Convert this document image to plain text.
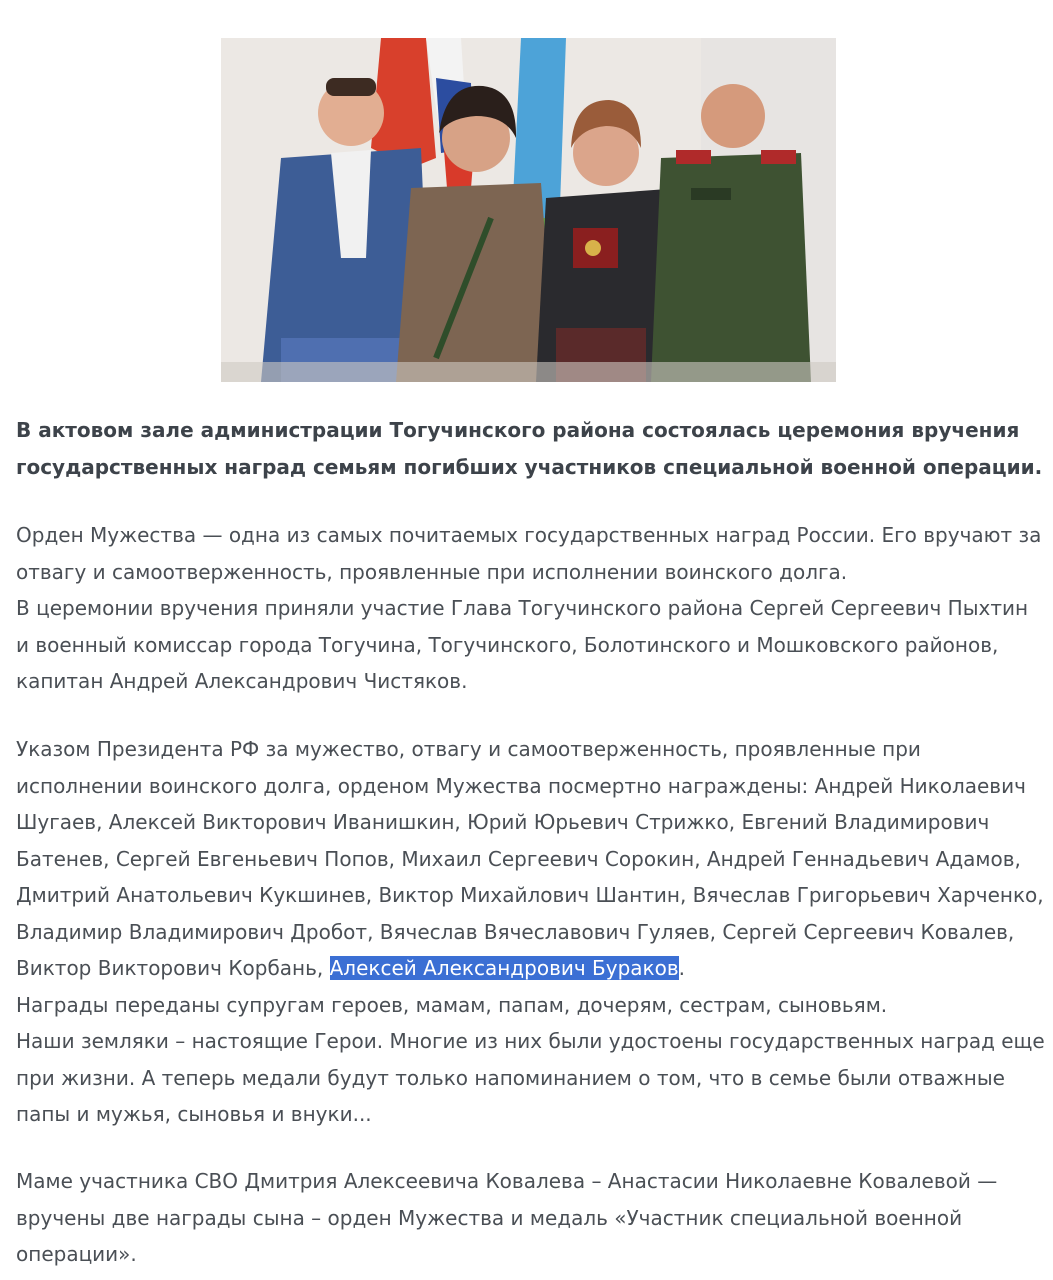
В актовом зале администрации Тогучинского района состоялась церемония вручения государственных наград семьям погибших участников специальной военной операции.

Орден Мужества — одна из самых почитаемых государственных наград России. Его вручают за отвагу и самоотверженность, проявленные при исполнении воинского долга.
В церемонии вручения приняли участие Глава Тогучинского района Сергей Сергеевич Пыхтин и военный комиссар города Тогучина, Тогучинского, Болотинского и Мошковского районов, капитан Андрей Александрович Чистяков.

Указом Президента РФ за мужество, отвагу и самоотверженность, проявленные при исполнении воинского долга, орденом Мужества посмертно награждены: Андрей Николаевич Шугаев, Алексей Викторович Иванишкин, Юрий Юрьевич Стрижко, Евгений Владимирович Батенев, Сергей Евгеньевич Попов, Михаил Сергеевич Сорокин, Андрей Геннадьевич Адамов, Дмитрий Анатольевич Кукшинев, Виктор Михайлович Шантин, Вячеслав Григорьевич Харченко, Владимир Владимирович Дробот, Вячеслав Вячеславович Гуляев, Сергей Сергеевич Ковалев, Виктор Викторович Корбань, Алексей Александрович Бураков.
Награды переданы супругам героев, мамам, папам, дочерям, сестрам, сыновьям.
Наши земляки – настоящие Герои. Многие из них были удостоены государственных наград еще при жизни. А теперь медали будут только напоминанием о том, что в семье были отважные папы и мужья, сыновья и внуки...

Маме участника СВО Дмитрия Алексеевича Ковалева – Анастасии Николаевне Ковалевой — вручены две награды сына – орден Мужества и медаль «Участник специальной военной операции».
